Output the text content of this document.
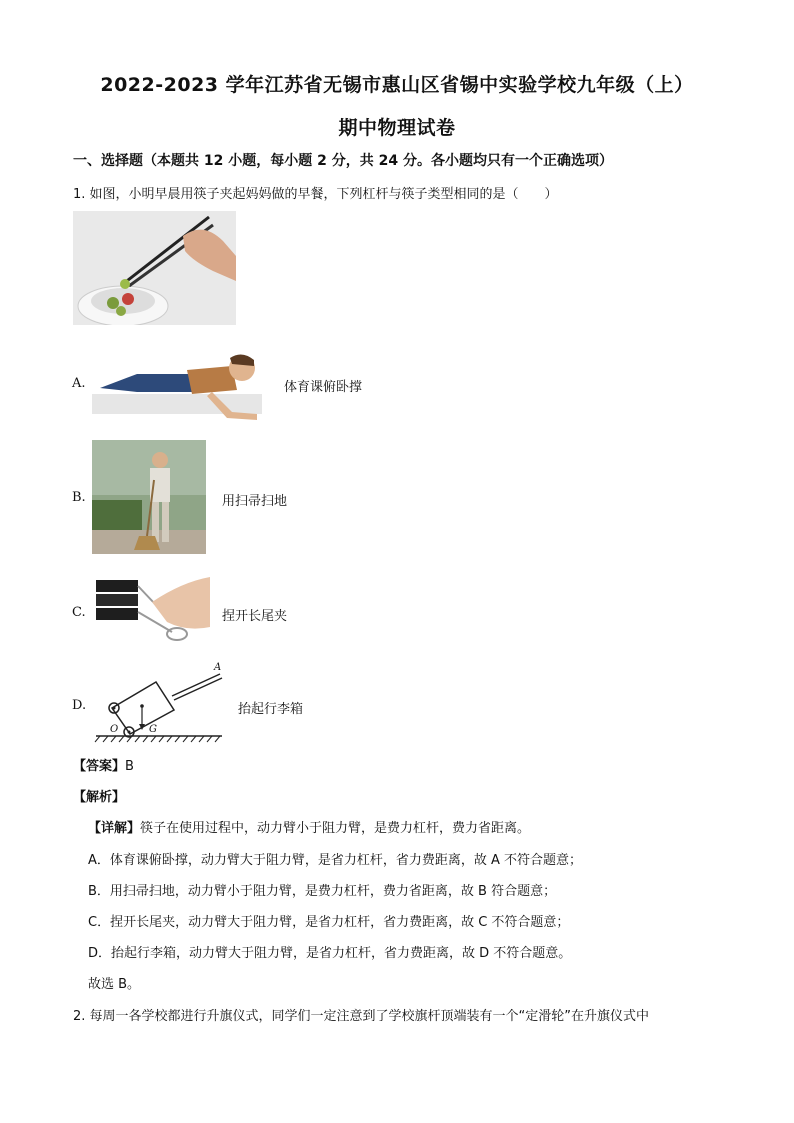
2022-2023 学年江苏省无锡市惠山区省锡中实验学校九年级（上）
期中物理试卷
一、选择题（本题共 12 小题，每小题 2 分，共 24 分。各小题均只有一个正确选项）
1. 如图，小明早晨用筷子夹起妈妈做的早餐，下列杠杆与筷子类型相同的是（　　）
A.	体育课俯卧撑
B.	用扫帚扫地
C.	捏开长尾夹
D.
A
O	G
抬起行李箱
【答案】B
【解析】
【详解】筷子在使用过程中，动力臂小于阻力臂，是费力杠杆，费力省距离。
A．体育课俯卧撑，动力臂大于阻力臂，是省力杠杆，省力费距离，故 A 不符合题意；
B．用扫帚扫地，动力臂小于阻力臂，是费力杠杆，费力省距离，故 B 符合题意；
C．捏开长尾夹，动力臂大于阻力臂，是省力杠杆，省力费距离，故 C 不符合题意；
D．抬起行李箱，动力臂大于阻力臂，是省力杠杆，省力费距离，故 D 不符合题意。
故选 B。
2. 每周一各学校都进行升旗仪式，同学们一定注意到了学校旗杆顶端装有一个“定滑轮”在升旗仪式中
